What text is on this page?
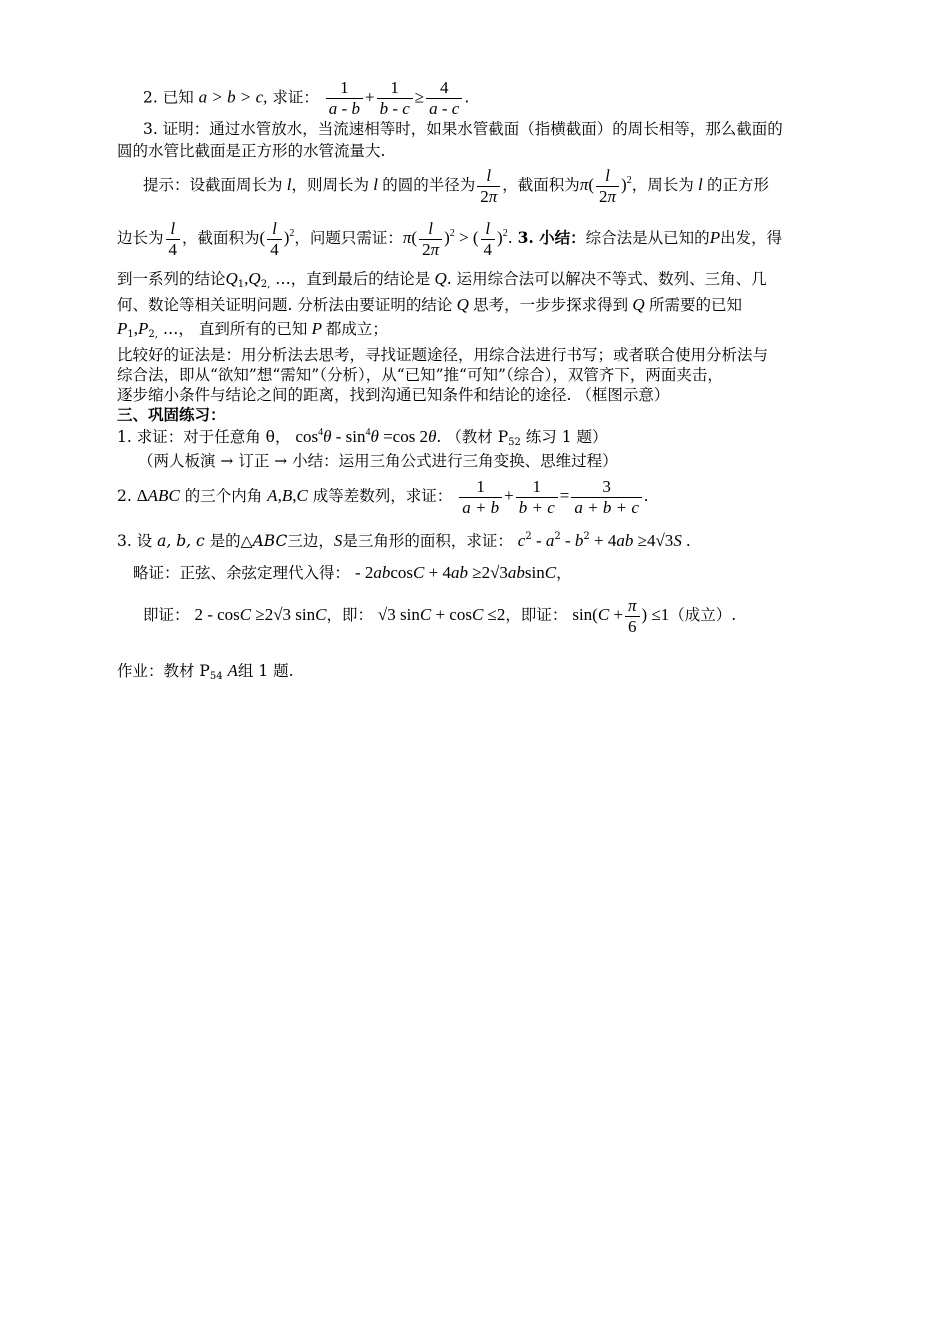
2. 已知 a > b > c, 求证： $\frac{1}{a - b} + \frac{1}{b - c} \ge \frac{4}{a - c}$ .
3. 证明：通过水管放水，当流速相等时，如果水管截面（指横截面）的周长相等，那么截面的
圆的水管比截面是正方形的水管流量大.
提示：设截面周长为 l，则周长为 l 的圆的半径为 $\frac{l}{2\pi}$ ，截面积为$\pi( \frac{l}{2\pi} )^2$，周长为 l 的正方形
边长为 $\frac{l}{4}$ ，截面积为( $\frac{l}{4} )^2$，问题只需证：$\pi( \frac{l}{2\pi} )^2$ > ( $\frac{l}{4} )^2$. 3. 小结：综合法是从已知的P出发，得
到一系列的结论$Q_1,Q_{2,}$ …，直到最后的结论是 Q. 运用综合法可以解决不等式、数列、三角、几
何、数论等相关证明问题. 分析法由要证明的结论 Q 思考，一步步探求得到 Q 所需要的已知
$P_1,P_{2,}$ …， 直到所有的已知 P 都成立；
比较好的证法是：用分析法去思考，寻找证题途径，用综合法进行书写；或者联合使用分析法与
综合法，即从“欲知”想“需知”（分析），从“已知”推“可知”（综合），双管齐下，两面夹击，
逐步缩小条件与结论之间的距离，找到沟通已知条件和结论的途径. （框图示意）
三、巩固练习：
1. 求证：对于任意角 θ， $\cos^4\theta - \sin^4\theta =\cos$ 2θ. （教材 $P_{52}$ 练习 1 题）
（两人板演 → 订正 → 小结：运用三角公式进行三角变换、思维过程）
2. ΔABC 的三个内角 A,B,C 成等差数列，求证： $\frac{1}{a + b} + \frac{1}{b + c} = \frac{3}{a + b + c}$ .
3. 设 a, b, c 是的△ABC三边，S是三角形的面积，求证： $c^2 - a^2 - b^2 + 4ab \ge 4√3S$ .
略证：正弦、余弦定理代入得： - 2abcosC + 4ab ≥2√3absinC，
即证： 2 - cosC ≥2√3 sinC，即： √3 sinC + cosC ≤2，即证： $\sin(C + \frac{\pi}{6}$ ) ≤1（成立）.
作业：教材 $P_{54}$ A组 1 题.
